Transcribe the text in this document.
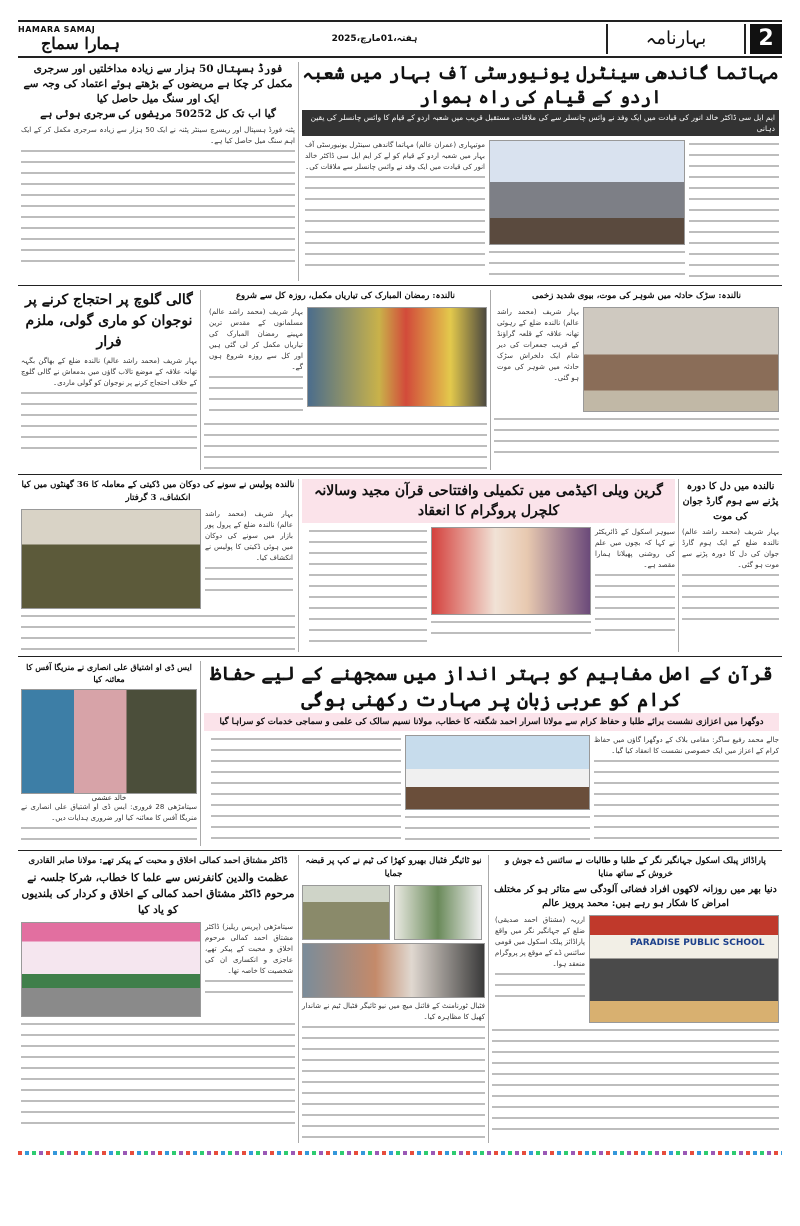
HAMARA SAMAJ
ہمارا سماج	ہفتہ،01مارچ،2025	بہارنامہ	2
فورڈ ہسپتال 50 ہزار سے زیادہ مداخلتیں اور سرجری مکمل کر چکا ہے مریضوں کے بڑھتے ہوئے اعتماد کی وجہ سے ایک اور سنگ میل حاصل کیا
گیا اب تک کل 50252 مریضوں کی سرجری ہوئی ہے

پٹنہ فورڈ ہسپتال اور ریسرچ سینٹر پٹنہ نے ایک 50 ہزار سے زیادہ سرجری مکمل کر کے ایک اہم سنگ میل حاصل کیا ہے۔

مہاتما گاندھی سینٹرل یونیورسٹی آف بہار میں شعبہ اردو کے قیام کی راہ ہموار
ایم ایل سی ڈاکٹر خالد انور کی قیادت میں ایک وفد نے وائس چانسلر سے کی ملاقات، مستقبل قریب میں شعبہ اردو کے قیام کا وائس چانسلر کی یقین دہانی

موتیہاری (عمران عالم) مہاتما گاندھی سینٹرل یونیورسٹی آف بہار میں شعبہ اردو کے قیام کو لے کر ایم ایل سی ڈاکٹر خالد انور کی قیادت میں ایک وفد نے وائس چانسلر سے ملاقات کی۔

گالی گلوچ پر احتجاج کرنے پر نوجوان کو ماری گولی، ملزم فرار

بہار شریف (محمد راشد عالم) نالندہ ضلع کے بھاگن بگہہ تھانہ علاقہ کے موضع تالاب گاؤں میں بدمعاش نے گالی گلوچ کے خلاف احتجاج کرنے پر نوجوان کو گولی ماردی۔

نالندہ: رمضان المبارک کی تیاریاں مکمل، روزہ کل سے شروع

بہار شریف (محمد راشد عالم) مسلمانوں کے مقدس ترین مہینے رمضان المبارک کی تیاریاں مکمل کر لی گئی ہیں اور کل سے روزہ شروع ہوں گے۔

نالندہ: سڑک حادثہ میں شوہر کی موت، بیوی شدید زخمی

بہار شریف (محمد راشد عالم) نالندہ ضلع کے رہوئی تھانہ علاقہ کے قلعہ گراؤنڈ کے قریب جمعرات کی دیر شام ایک دلخراش سڑک حادثہ میں شوہر کی موت ہو گئی۔

نالندہ پولیس نے سونے کی دوکان میں ڈکیتی کے معاملہ کا 36 گھنٹوں میں کیا انکشاف، 3 گرفتار

بہار شریف (محمد راشد عالم) نالندہ ضلع کے پرول پور بازار میں سونے کی دوکان میں ہوئی ڈکیتی کا پولیس نے انکشاف کیا۔

گرین ویلی اکیڈمی میں تکمیلی وافتتاحی قرآن مجید وسالانہ کلچرل پروگرام کا انعقاد

سیوہر اسکول کے ڈائریکٹر نے کہا کہ بچوں میں علم کی روشنی پھیلانا ہمارا مقصد ہے۔

نالندہ میں دل کا دورہ پڑنے سے ہوم گارڈ جوان کی موت

بہار شریف (محمد راشد عالم) نالندہ ضلع کے ایک ہوم گارڈ جوان کی دل کا دورہ پڑنے سے موت ہو گئی۔

ایس ڈی او اشتیاق علی انصاری نے منریگا آفس کا معائنہ کیا
خالد عشمی

سیتامڑھی 28 فروری: ایس ڈی او اشتیاق علی انصاری نے منریگا آفس کا معائنہ کیا اور ضروری ہدایات دیں۔

قرآن کے اصل مفاہیم کو بہتر انداز میں سمجھنے کے لیے حفاظ کرام کو عربی زبان پر مہارت رکھنی ہوگی
دوگھرا میں اعزازی نشست برائے طلبا و حفاظ کرام سے مولانا اسرار احمد شگفتہ کا خطاب، مولانا نسیم سالک کی علمی و سماجی خدمات کو سراہا گیا

جالے محمد رفیع ساگر: مقامی بلاک کے دوگھرا گاؤں میں حفاظ کرام کے اعزاز میں ایک خصوصی نشست کا انعقاد کیا گیا۔

ڈاکٹر مشتاق احمد کمالی اخلاق و محبت کے پیکر تھے: مولانا صابر القادری
عظمت والدین کانفرنس سے علما کا خطاب، شرکا جلسہ نے مرحوم ڈاکٹر مشتاق احمد کمالی کے اخلاق و کردار کی بلندیوں کو یاد کیا

سیتامڑھی (پریس ریلیز) ڈاکٹر مشتاق احمد کمالی مرحوم اخلاق و محبت کے پیکر تھے، عاجزی و انکساری ان کی شخصیت کا خاصہ تھا۔

نیو ٹائیگر فٹبال بھیرو کھڑا کی ٹیم نے کپ پر قبضہ جمایا

فٹبال ٹورنامنٹ کے فائنل میچ میں نیو ٹائیگر فٹبال ٹیم نے شاندار کھیل کا مظاہرہ کیا۔

پاراڈائز پبلک اسکول جہانگیر نگر کے طلبا و طالبات نے سائنس ڈے جوش و خروش کے ساتھ منایا
دنیا بھر میں روزانہ لاکھوں افراد فضائی آلودگی سے متاثر ہو کر مختلف امراض کا شکار ہو رہے ہیں: محمد پرویز عالم
PARADISE PUBLIC SCHOOL

ارریہ (مشتاق احمد صدیقی) ضلع کے جہانگیر نگر میں واقع پاراڈائز پبلک اسکول میں قومی سائنس ڈے کے موقع پر پروگرام منعقد ہوا۔
